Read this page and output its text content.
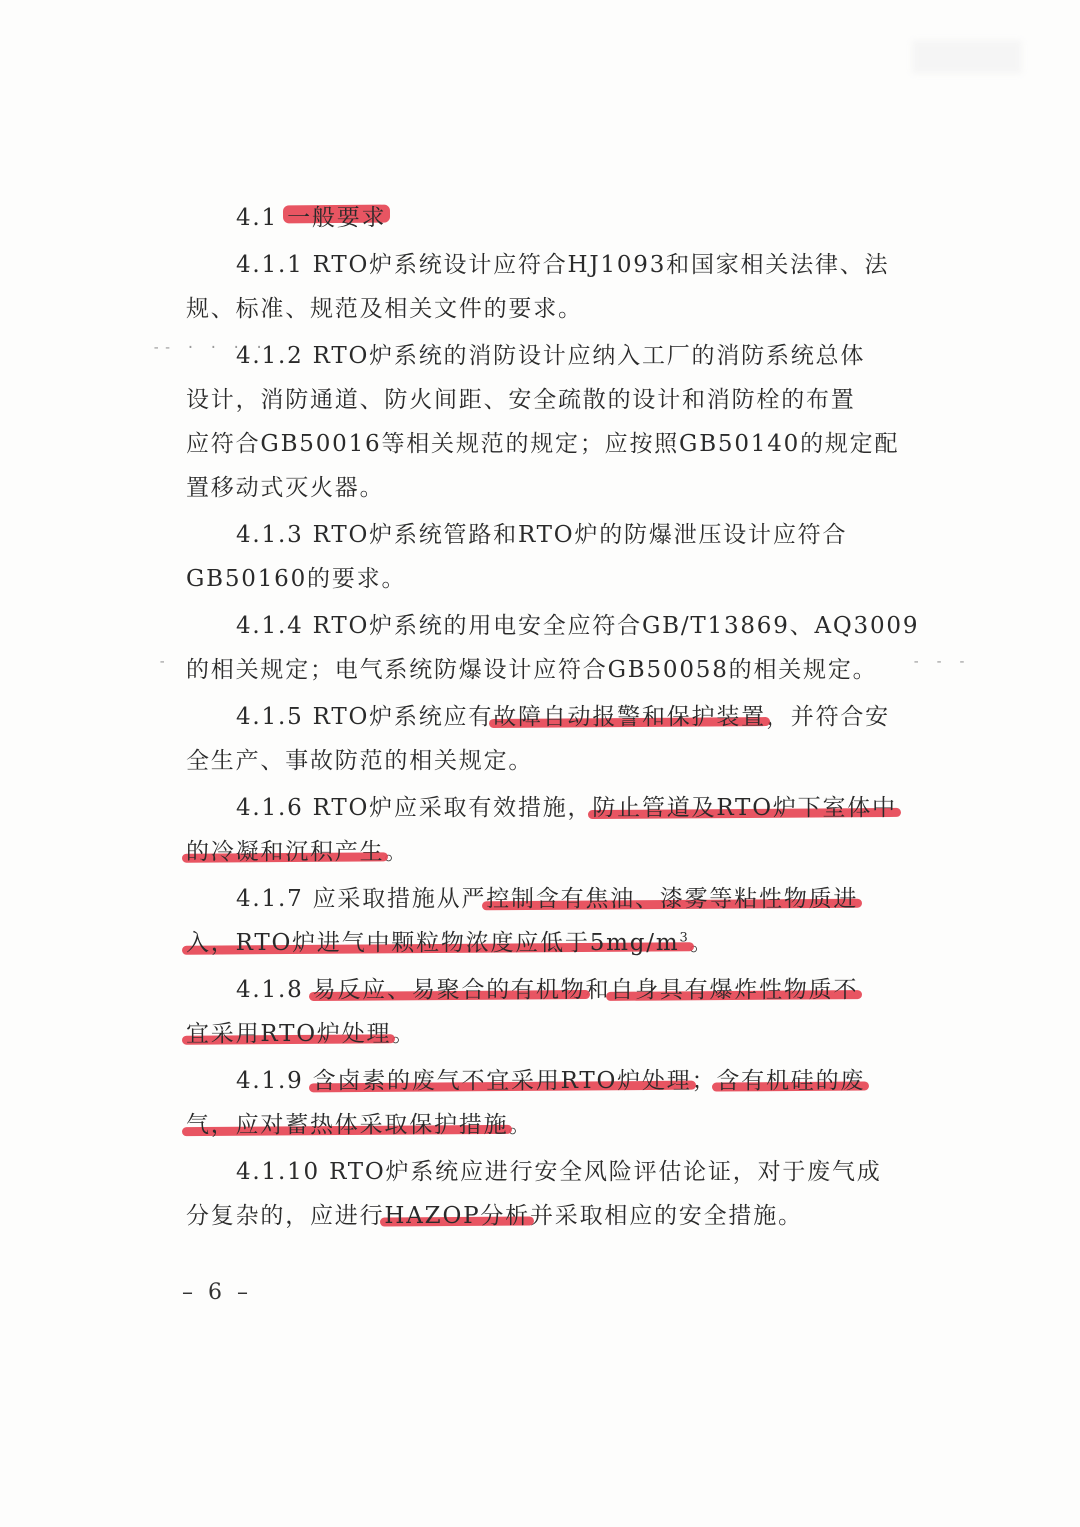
-- · · · ·
-	- - -
4.1 一般要求
4.1.1 RTO炉系统设计应符合HJ1093和国家相关法律、法
规、标准、规范及相关文件的要求。
4.1.2 RTO炉系统的消防设计应纳入工厂的消防系统总体
设计，消防通道、防火间距、安全疏散的设计和消防栓的布置
应符合GB50016等相关规范的规定；应按照GB50140的规定配
置移动式灭火器。
4.1.3 RTO炉系统管路和RTO炉的防爆泄压设计应符合
GB50160的要求。
4.1.4 RTO炉系统的用电安全应符合GB/T13869、AQ3009
的相关规定；电气系统防爆设计应符合GB50058的相关规定。
4.1.5 RTO炉系统应有故障自动报警和保护装置，并符合安
全生产、事故防范的相关规定。
4.1.6 RTO炉应采取有效措施，防止管道及RTO炉下室体中
的冷凝和沉积产生。
4.1.7 应采取措施从严控制含有焦油、漆雾等粘性物质进
入，RTO炉进气中颗粒物浓度应低于$5mg/m^3$。
4.1.8 易反应、易聚合的有机物和自身具有爆炸性物质不
宜采用RTO炉处理。
4.1.9 含卤素的废气不宜采用RTO炉处理；含有机硅的废
气，应对蓄热体采取保护措施。
4.1.10 RTO炉系统应进行安全风险评估论证，对于废气成
分复杂的，应进行HAZOP分析并采取相应的安全措施。
– 6 –
